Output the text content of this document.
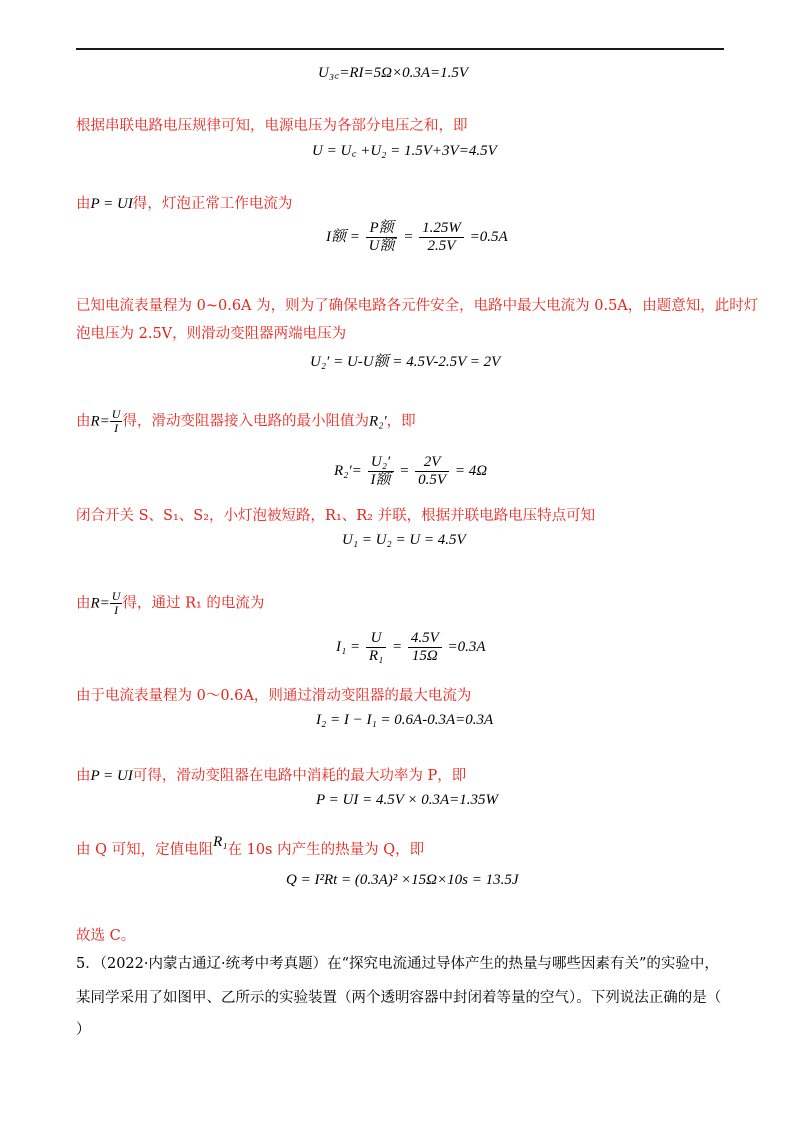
U₃꜀=RI=5Ω×0.3A=1.5V
根据串联电路电压规律可知，电源电压为各部分电压之和，即
U = U꜀ +U₂ = 1.5V+3V=4.5V
由P = UI得，灯泡正常工作电流为
I额 = $\frac{\text{P额}}{\text{U额}} = \frac{1.25W}{2.5V} =0.5A$
已知电流表量程为 0~0.6A 为，则为了确保电路各元件安全，电路中最大电流为 0.5A，由题意知，此时灯
泡电压为 2.5V，则滑动变阻器两端电压为
U₂′ = U-U额 = 4.5V-2.5V = 2V
由$R= \frac{U}{I}$ 得，滑动变阻器接入电路的最小阻值为R₂′，即
$R_2'= \frac{\text{U₂′}}{\text{I额}} = \frac{2V}{0.5V} = 4\Omega$
闭合开关 S、S₁、S₂，小灯泡被短路，R₁、R₂ 并联，根据并联电路电压特点可知
U₁ = U₂ = U = 4.5V
由$R= \frac{U}{I}$ 得，通过 R₁ 的电流为
$I_1 = \frac{U}{\text{R₁}} = \frac{4.5V}{15\Omega} =0.3A$
由于电流表量程为 0～0.6A，则通过滑动变阻器的最大电流为
I₂ = I − I₁ = 0.6A-0.3A=0.3A
由P = UI可得，滑动变阻器在电路中消耗的最大功率为 P，即
P = UI = 4.5V × 0.3A=1.35W
由 Q 可知，定值电阻R₁在 10s 内产生的热量为 Q，即
Q = I²Rt = (0.3A)² ×15Ω×10s = 13.5J
故选 C。
5．（2022·内蒙古通辽·统考中考真题）在“探究电流通过导体产生的热量与哪些因素有关”的实验中，
某同学采用了如图甲、乙所示的实验装置（两个透明容器中封闭着等量的空气）。下列说法正确的是（
）
